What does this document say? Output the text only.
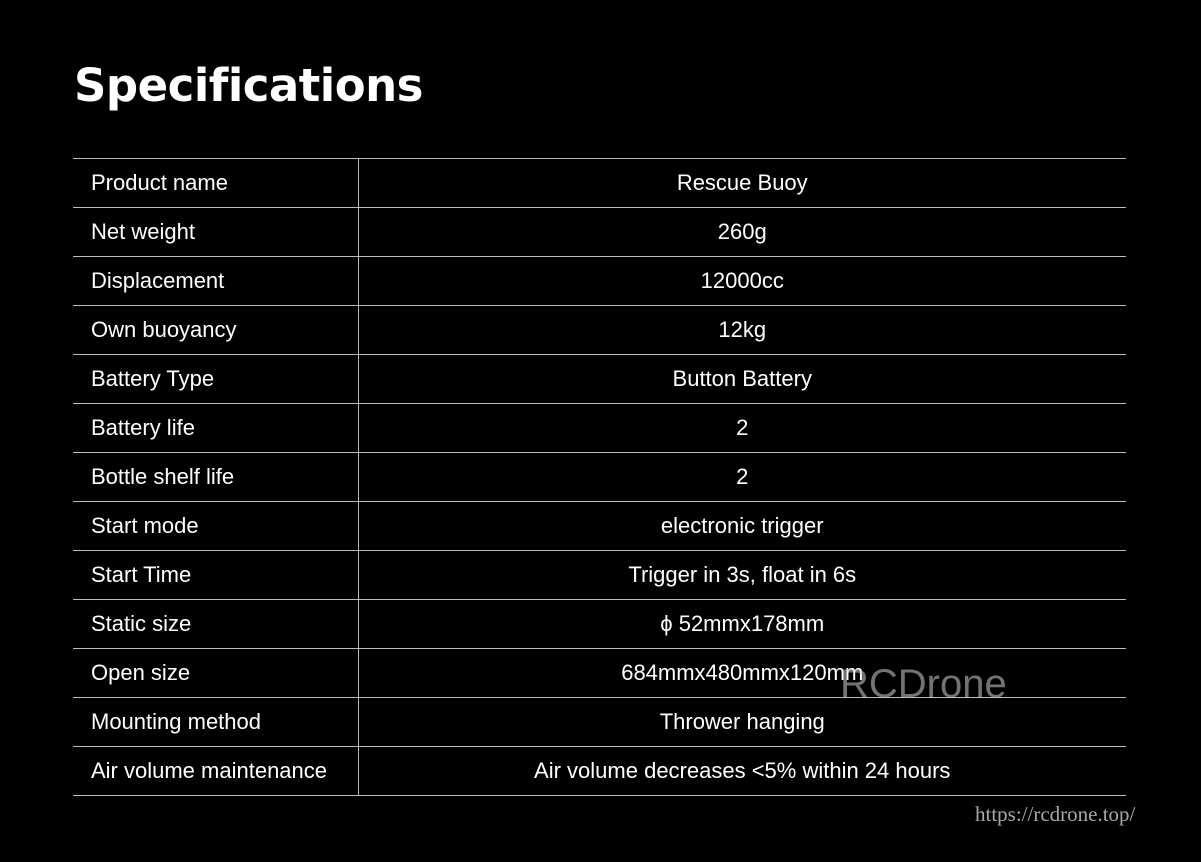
Specifications
Product name	Rescue Buoy
Net weight	260g
Displacement	12000cc
Own buoyancy	12kg
Battery Type	Button Battery
Battery life	2
Bottle shelf life	2
Start mode	electronic trigger
Start Time	Trigger in 3s, float in 6s
Static size	ϕ 52mmx178mm
Open size	684mmx480mmx120mm
Mounting method	Thrower hanging
Air volume maintenance	Air volume decreases <5% within 24 hours
RCDrone
https://rcdrone.top/
